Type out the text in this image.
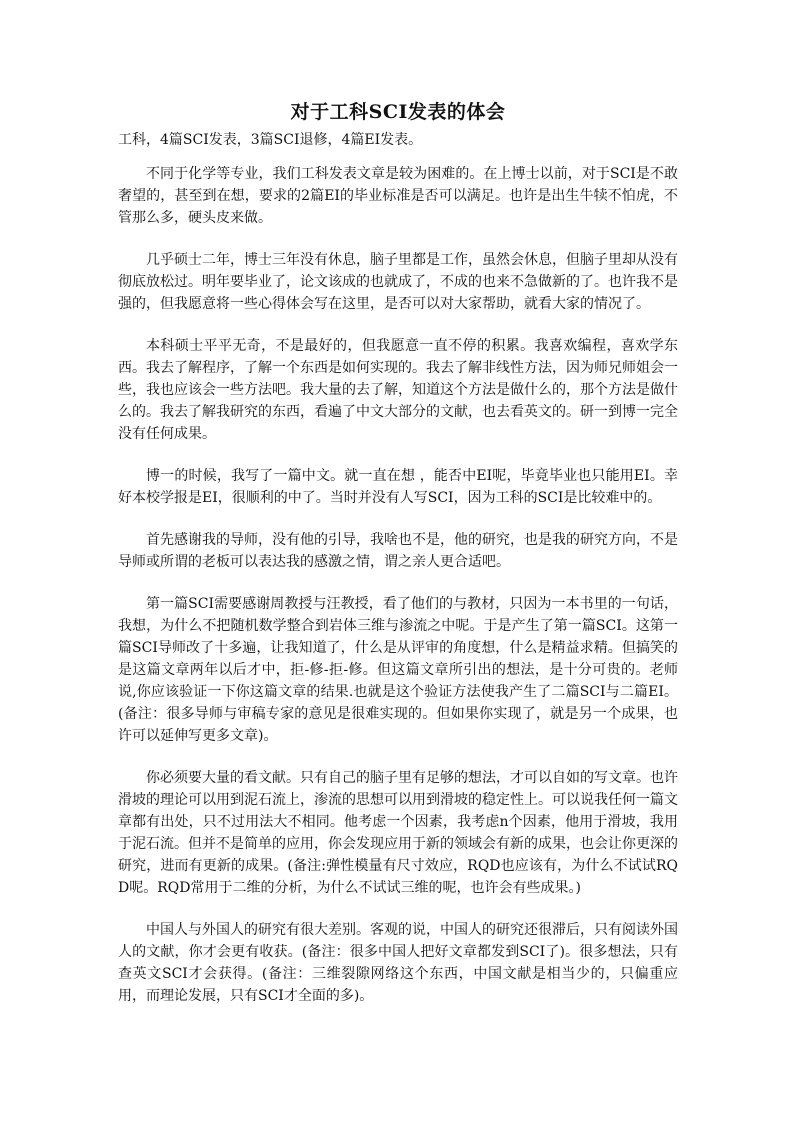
对于工科SCI发表的体会
工科，4篇SCI发表，3篇SCI退修，4篇EI发表。

不同于化学等专业，我们工科发表文章是较为困难的。在上博士以前，对于SCI是不敢奢望的，甚至到在想，要求的2篇EI的毕业标准是否可以满足。也许是出生牛犊不怕虎，不管那么多，硬头皮来做。

几乎硕士二年，博士三年没有休息，脑子里都是工作，虽然会休息，但脑子里却从没有彻底放松过。明年要毕业了，论文该成的也就成了，不成的也来不急做新的了。也许我不是强的，但我愿意将一些心得体会写在这里，是否可以对大家帮助，就看大家的情况了。

本科硕士平平无奇，不是最好的，但我愿意一直不停的积累。我喜欢编程，喜欢学东西。我去了解程序，了解一个东西是如何实现的。我去了解非线性方法，因为师兄师姐会一些，我也应该会一些方法吧。我大量的去了解，知道这个方法是做什么的，那个方法是做什么的。我去了解我研究的东西，看遍了中文大部分的文献，也去看英文的。研一到博一完全没有任何成果。

博一的时候，我写了一篇中文。就一直在想 ，能否中EI呢，毕竟毕业也只能用EI。幸好本校学报是EI，很顺利的中了。当时并没有人写SCI，因为工科的SCI是比较难中的。

首先感谢我的导师，没有他的引导，我啥也不是，他的研究，也是我的研究方向，不是导师或所谓的老板可以表达我的感激之情，谓之亲人更合适吧。

第一篇SCI需要感谢周教授与汪教授，看了他们的与教材，只因为一本书里的一句话，我想，为什么不把随机数学整合到岩体三维与渗流之中呢。于是产生了第一篇SCI。这第一篇SCI导师改了十多遍，让我知道了，什么是从评审的角度想，什么是精益求精。但搞笑的是这篇文章两年以后才中，拒-修-拒-修。但这篇文章所引出的想法，是十分可贵的。老师说,你应该验证一下你这篇文章的结果.也就是这个验证方法使我产生了二篇SCI与二篇EI。(备注：很多导师与审稿专家的意见是很难实现的。但如果你实现了，就是另一个成果，也许可以延伸写更多文章)。

你必须要大量的看文献。只有自己的脑子里有足够的想法，才可以自如的写文章。也许滑坡的理论可以用到泥石流上，渗流的思想可以用到滑坡的稳定性上。可以说我任何一篇文章都有出处，只不过用法大不相同。他考虑一个因素，我考虑n个因素，他用于滑坡，我用于泥石流。但并不是简单的应用，你会发现应用于新的领域会有新的成果，也会让你更深的研究，进而有更新的成果。(备注:弹性模量有尺寸效应，RQD也应该有，为什么不试试RQD呢。RQD常用于二维的分析，为什么不试试三维的呢，也许会有些成果。)

中国人与外国人的研究有很大差别。客观的说，中国人的研究还很滞后，只有阅读外国人的文献，你才会更有收获。(备注：很多中国人把好文章都发到SCI了)。很多想法，只有查英文SCI才会获得。(备注：三维裂隙网络这个东西，中国文献是相当少的，只偏重应用，而理论发展，只有SCI才全面的多)。
